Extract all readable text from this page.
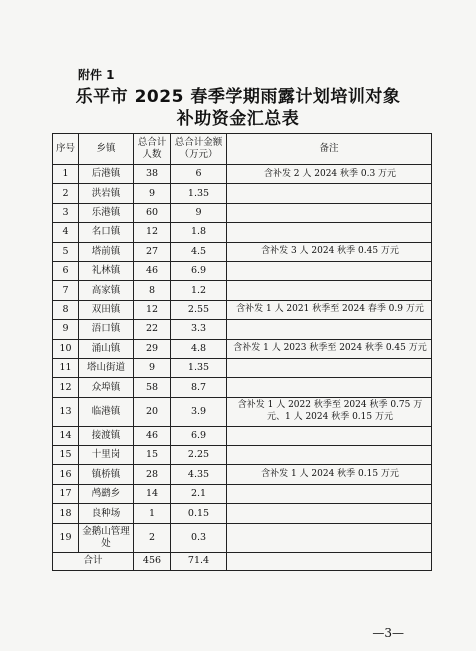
附件 1
乐平市 2025 春季学期雨露计划培训对象
补助资金汇总表
序号	乡镇	总合计人数	总合计金额（万元）	备注
1	后港镇	38	6	含补发 2 人 2024 秋季 0.3 万元
2	洪岩镇	9	1.35	
3	乐港镇	60	9	
4	名口镇	12	1.8	
5	塔前镇	27	4.5	含补发 3 人 2024 秋季 0.45 万元
6	礼林镇	46	6.9	
7	高家镇	8	1.2	
8	双田镇	12	2.55	含补发 1 人 2021 秋季至 2024 春季 0.9 万元
9	浯口镇	22	3.3	
10	涌山镇	29	4.8	含补发 1 人 2023 秋季至 2024 秋季 0.45 万元
11	塔山街道	9	1.35	
12	众埠镇	58	8.7	
13	临港镇	20	3.9	含补发 1 人 2022 秋季至 2024 秋季 0.75 万元、1 人 2024 秋季 0.15 万元
14	接渡镇	46	6.9	
15	十里岗	15	2.25	
16	镇桥镇	28	4.35	含补发 1 人 2024 秋季 0.15 万元
17	鸬鹚乡	14	2.1	
18	良种场	1	0.15	
19	金鹅山管理处	2	0.3	
合计		456	71.4	
—3—
